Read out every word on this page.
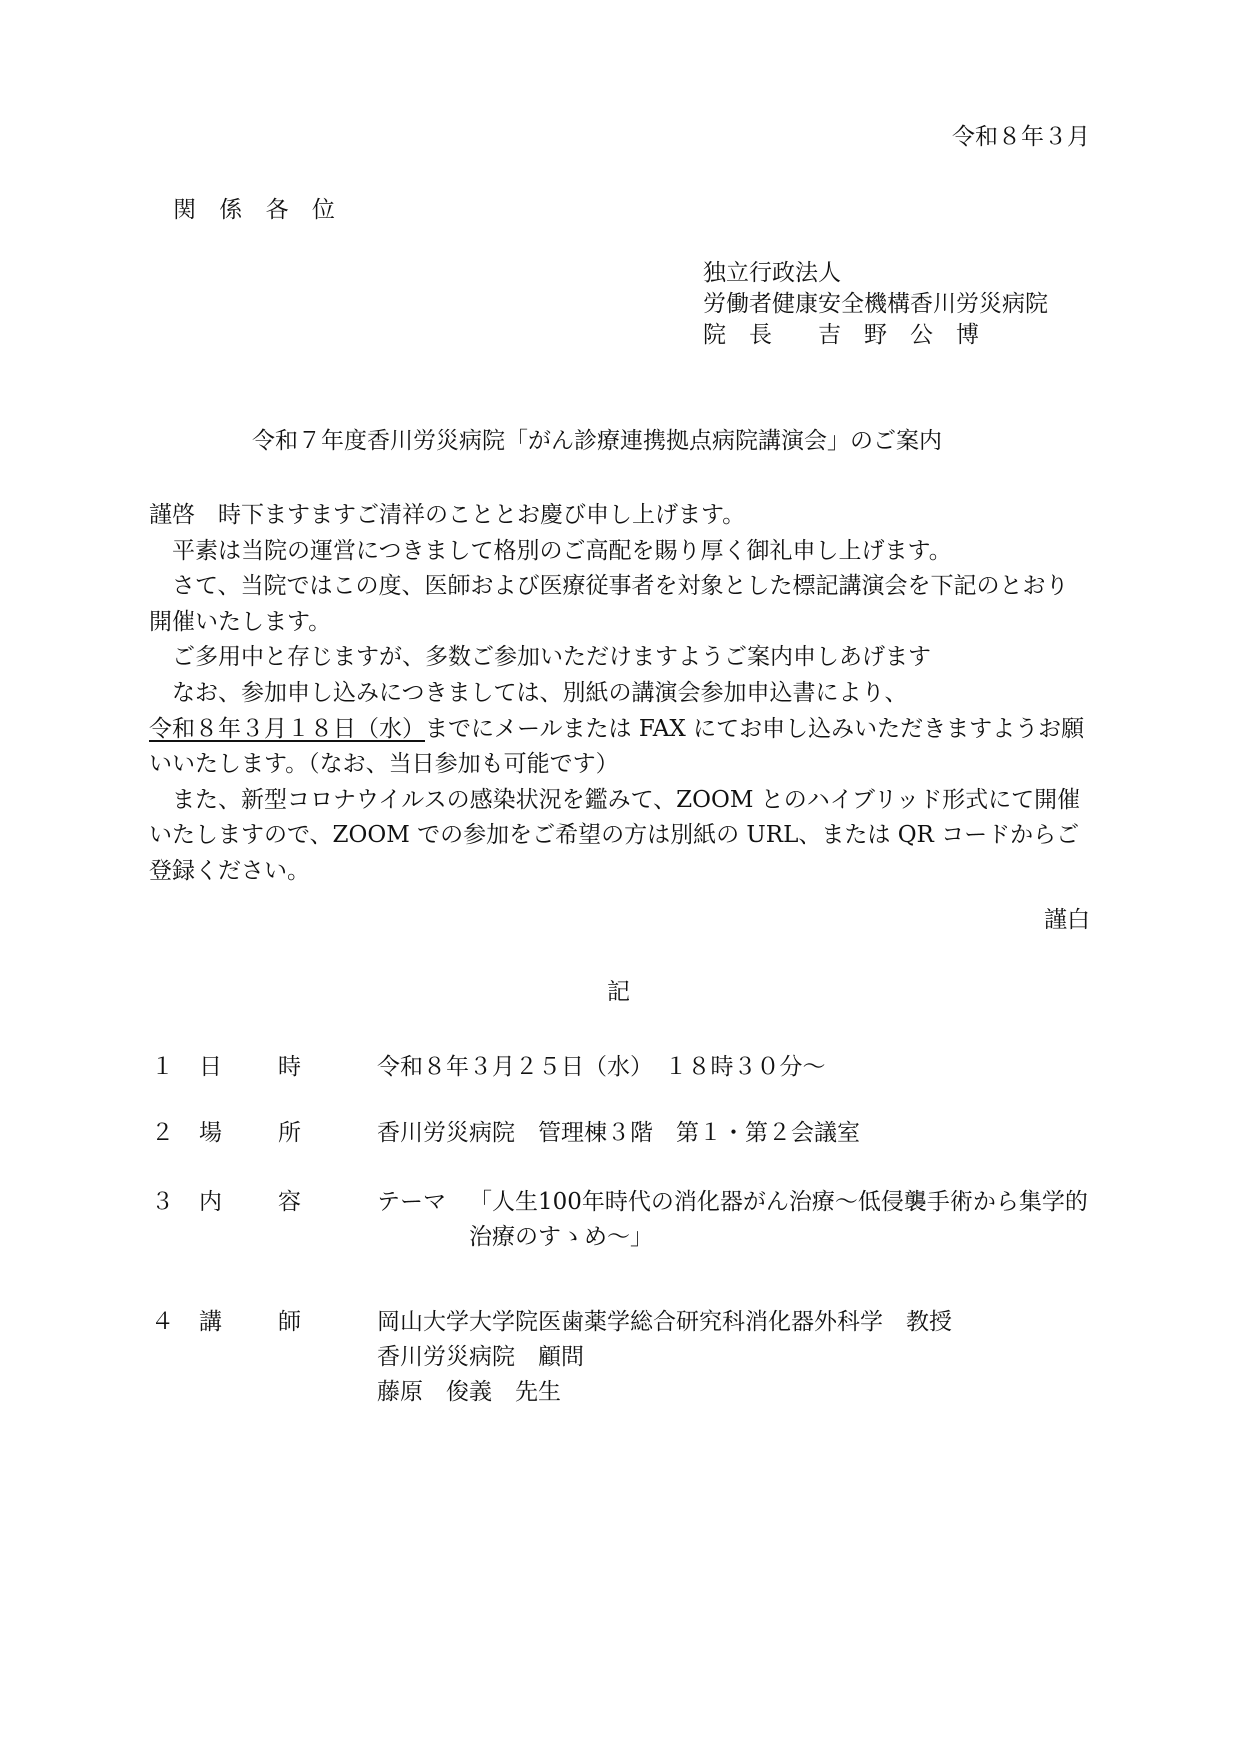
令和８年３月
関 係 各 位
独立行政法人
労働者健康安全機構香川労災病院
院　長　　吉　野　公　博
令和７年度香川労災病院「がん診療連携拠点病院講演会」のご案内

謹啓　時下ますますご清祥のこととお慶び申し上げます。

　平素は当院の運営につきまして格別のご高配を賜り厚く御礼申し上げます。

　さて、当院ではこの度、医師および医療従事者を対象とした標記講演会を下記のとおり開催いたします。

　ご多用中と存じますが、多数ご参加いただけますようご案内申しあげます

　なお、参加申し込みにつきましては、別紙の講演会参加申込書により、

令和８年３月１８日（水）までにメールまたは FAX にてお申し込みいただきますようお願いいたします。（なお、当日参加も可能です）

　また、新型コロナウイルスの感染状況を鑑みて、ZOOM とのハイブリッド形式にて開催いたしますので、ZOOM での参加をご希望の方は別紙の URL、または QR コードからご登録ください。

謹白
記
１ 日 時	令和８年３月２５日（水）　１８時３０分～
２ 場 所	香川労災病院　管理棟３階　第１・第２会議室
３ 内 容	テーマ 「人生100年時代の消化器がん治療～低侵襲手術から集学的治療のすゝめ～」
４ 講 師	岡山大学大学院医歯薬学総合研究科消化器外科学　教授
香川労災病院　顧問
藤原　俊義　先生
